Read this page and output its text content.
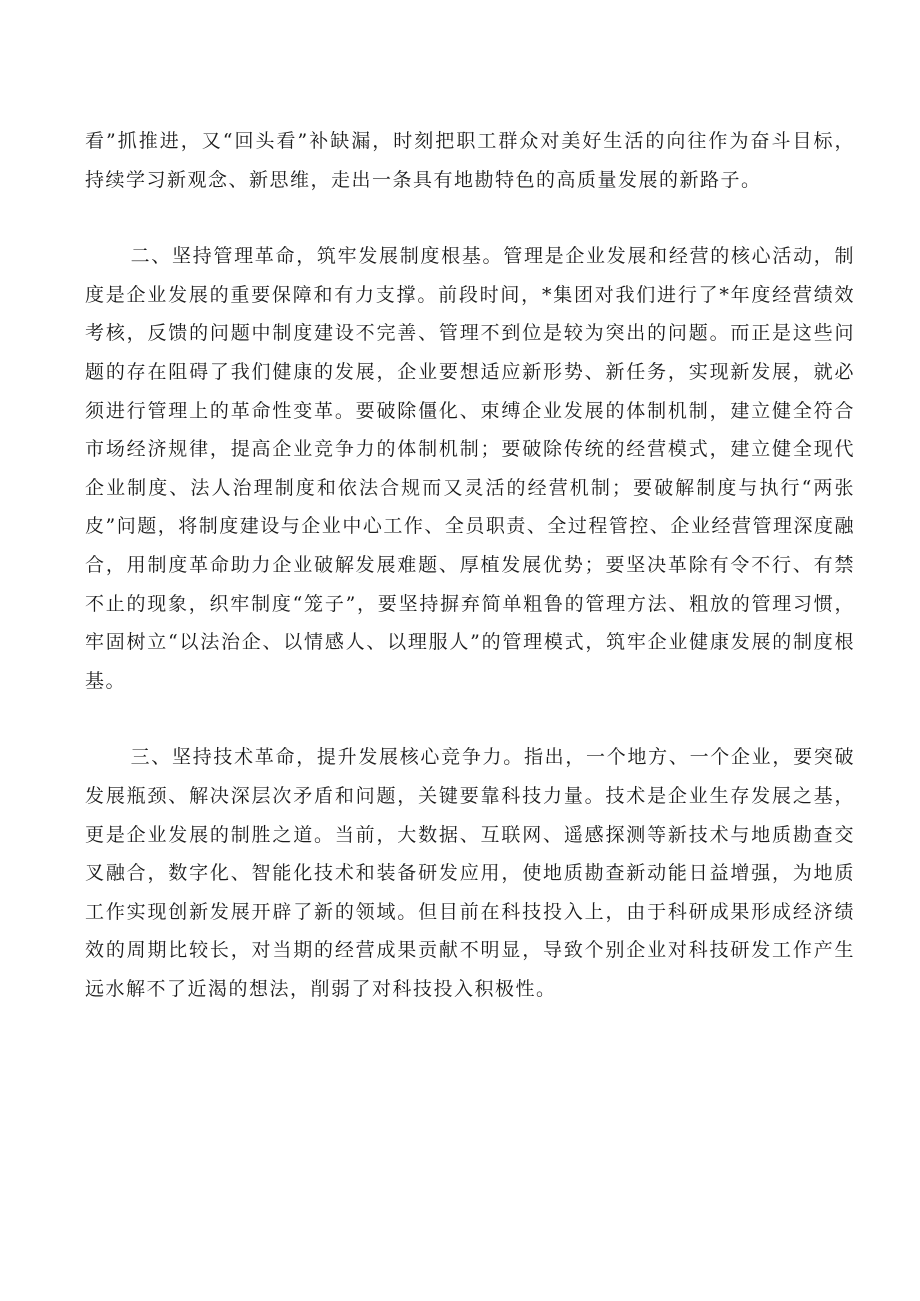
看”抓推进，又“回头看”补缺漏，时刻把职工群众对美好生活的向往作为奋斗目标，持续学习新观念、新思维，走出一条具有地勘特色的高质量发展的新路子。

二、坚持管理革命，筑牢发展制度根基。管理是企业发展和经营的核心活动，制度是企业发展的重要保障和有力支撑。前段时间，*集团对我们进行了*年度经营绩效考核，反馈的问题中制度建设不完善、管理不到位是较为突出的问题。而正是这些问题的存在阻碍了我们健康的发展，企业要想适应新形势、新任务，实现新发展，就必须进行管理上的革命性变革。要破除僵化、束缚企业发展的体制机制，建立健全符合市场经济规律，提高企业竞争力的体制机制；要破除传统的经营模式，建立健全现代企业制度、法人治理制度和依法合规而又灵活的经营机制；要破解制度与执行“两张皮”问题，将制度建设与企业中心工作、全员职责、全过程管控、企业经营管理深度融合，用制度革命助力企业破解发展难题、厚植发展优势；要坚决革除有令不行、有禁不止的现象，织牢制度“笼子”，要坚持摒弃简单粗鲁的管理方法、粗放的管理习惯，牢固树立“以法治企、以情感人、以理服人”的管理模式，筑牢企业健康发展的制度根基。

三、坚持技术革命，提升发展核心竞争力。指出，一个地方、一个企业，要突破发展瓶颈、解决深层次矛盾和问题，关键要靠科技力量。技术是企业生存发展之基，更是企业发展的制胜之道。当前，大数据、互联网、遥感探测等新技术与地质勘查交叉融合，数字化、智能化技术和装备研发应用，使地质勘查新动能日益增强，为地质工作实现创新发展开辟了新的领域。但目前在科技投入上，由于科研成果形成经济绩效的周期比较长，对当期的经营成果贡献不明显，导致个别企业对科技研发工作产生远水解不了近渴的想法，削弱了对科技投入积极性。
